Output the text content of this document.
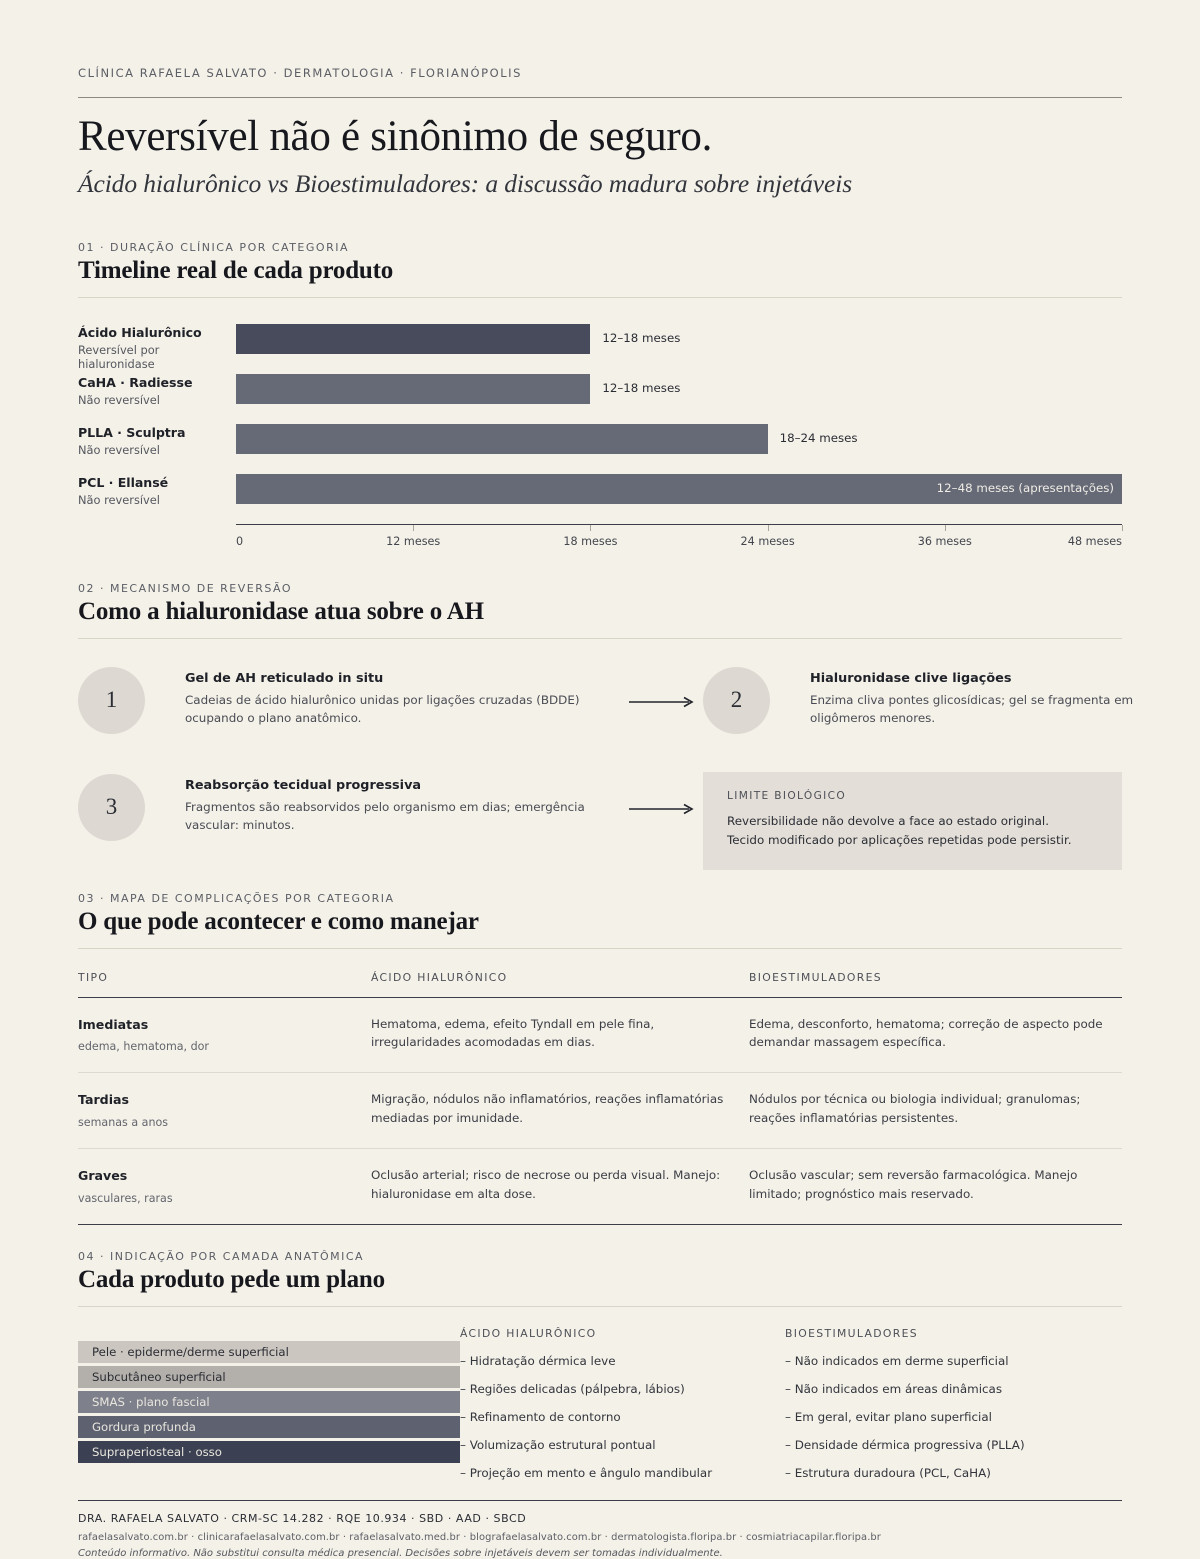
CLÍNICA RAFAELA SALVATO · DERMATOLOGIA · FLORIANÓPOLIS
Reversível não é sinônimo de seguro.
Ácido hialurônico vs Bioestimuladores: a discussão madura sobre injetáveis
01 · DURAÇÃO CLÍNICA POR CATEGORIA
Timeline real de cada produto
Ácido Hialurônico
Reversível por hialuronidase
12–18 meses
CaHA · Radiesse
Não reversível
12–18 meses
PLLA · Sculptra
Não reversível
18–24 meses
PCL · Ellansé
Não reversível
12–48 meses (apresentações)
0	12 meses	18 meses	24 meses	36 meses	48 meses
02 · MECANISMO DE REVERSÃO
Como a hialuronidase atua sobre o AH
1
Gel de AH reticulado in situ
Cadeias de ácido hialurônico unidas por ligações cruzadas (BDDE) ocupando o plano anatômico.
2
Hialuronidase clive ligações
Enzima cliva pontes glicosídicas; gel se fragmenta em oligômeros menores.
3
Reabsorção tecidual progressiva
Fragmentos são reabsorvidos pelo organismo em dias; emergência vascular: minutos.
LIMITE BIOLÓGICO
Reversibilidade não devolve a face ao estado original.
Tecido modificado por aplicações repetidas pode persistir.
03 · MAPA DE COMPLICAÇÕES POR CATEGORIA
O que pode acontecer e como manejar
TIPO	ÁCIDO HIALURÔNICO	BIOESTIMULADORES

Imediatas
edema, hematoma, dor	Hematoma, edema, efeito Tyndall em pele fina, irregularidades acomodadas em dias.	Edema, desconforto, hematoma; correção de aspecto pode demandar massagem específica.

Tardias
semanas a anos	Migração, nódulos não inflamatórios, reações inflamatórias mediadas por imunidade.	Nódulos por técnica ou biologia individual; granulomas; reações inflamatórias persistentes.

Graves
vasculares, raras	Oclusão arterial; risco de necrose ou perda visual. Manejo: hialuronidase em alta dose.	Oclusão vascular; sem reversão farmacológica. Manejo limitado; prognóstico mais reservado.
04 · INDICAÇÃO POR CAMADA ANATÔMICA
Cada produto pede um plano
Pele · epiderme/derme superficial
Subcutâneo superficial
SMAS · plano fascial
Gordura profunda
Supraperiosteal · osso
ÁCIDO HIALURÔNICO
– Hidratação dérmica leve
– Regiões delicadas (pálpebra, lábios)
– Refinamento de contorno
– Volumização estrutural pontual
– Projeção em mento e ângulo mandibular
BIOESTIMULADORES
– Não indicados em derme superficial
– Não indicados em áreas dinâmicas
– Em geral, evitar plano superficial
– Densidade dérmica progressiva (PLLA)
– Estrutura duradoura (PCL, CaHA)
DRA. RAFAELA SALVATO · CRM-SC 14.282 · RQE 10.934 · SBD · AAD · SBCD
rafaelasalvato.com.br · clinicarafaelasalvato.com.br · rafaelasalvato.med.br · blografaelasalvato.com.br · dermatologista.floripa.br · cosmiatriacapilar.floripa.br
Conteúdo informativo. Não substitui consulta médica presencial. Decisões sobre injetáveis devem ser tomadas individualmente.
